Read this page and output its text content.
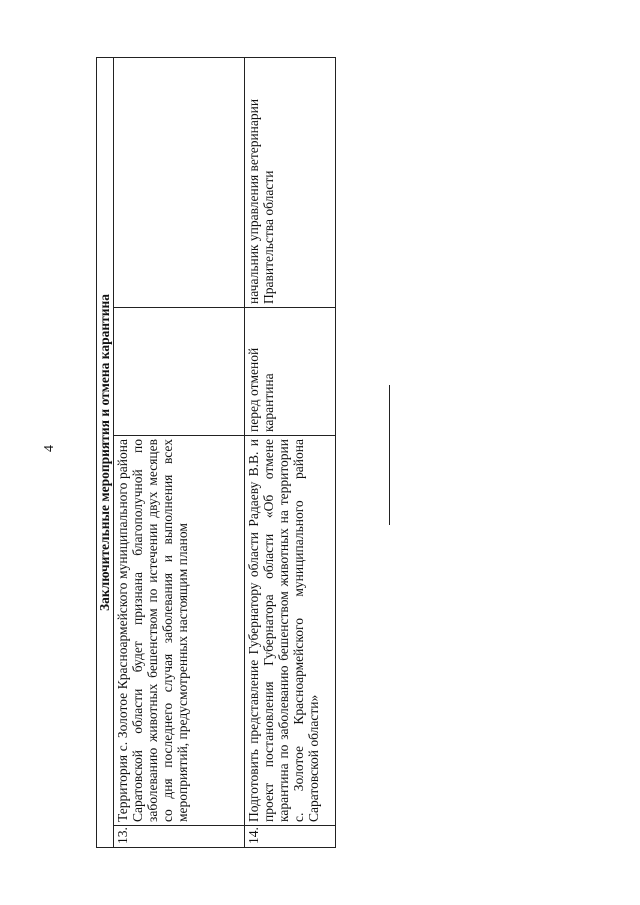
4	Заключительные мероприятия и отмена карантина			
13.	Территория с. Золотое Красноармейского муниципального района Саратовской области будет признана благополучной по заболеванию животных бешенством по истечении двух месяцев со дня последнего случая заболевания и выполнения всех мероприятий, предусмотренных настоящим планом		
14.	Подготовить представление Губернатору области Радаеву В.В. и проект постановления Губернатора области «Об отмене карантина по заболеванию бешенством животных на территории с. Золотое Красноармейского муниципального района Саратовской области»	перед отменой карантина	начальник управления ветеринарии Правительства области
